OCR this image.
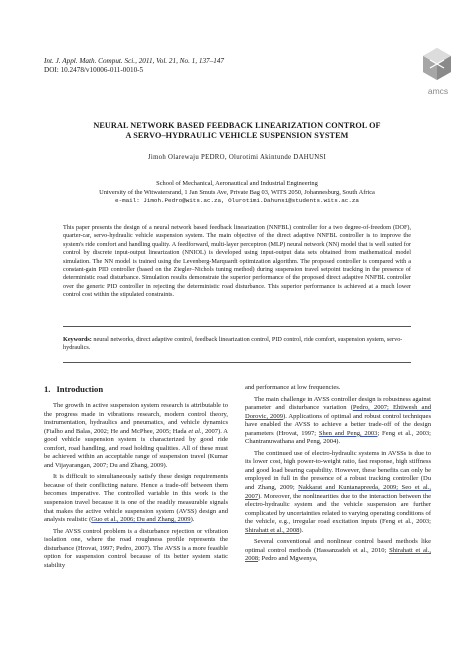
Int. J. Appl. Math. Comput. Sci., 2011, Vol. 21, No. 1, 137–147
DOI: 10.2478/v10006-011-0010-5
amcs
NEURAL NETWORK BASED FEEDBACK LINEARIZATION CONTROL OF
A SERVO–HYDRAULIC VEHICLE SUSPENSION SYSTEM
Jimoh Olarewaju PEDRO, Olurotimi Akintunde DAHUNSI
School of Mechanical, Aeronautical and Industrial Engineering
University of the Witwatersrand, 1 Jan Smuts Ave, Private Bag 03, WITS 2050, Johannesburg, South Africa
e-mail: Jimoh.Pedro@wits.ac.za, Olurotimi.Dahunsi@students.wits.ac.za
This paper presents the design of a neural network based feedback linearization (NNFBL) controller for a two degree-of-freedom (DOF), quarter-car, servo-hydraulic vehicle suspension system. The main objective of the direct adaptive NNFBL controller is to improve the system's ride comfort and handling quality. A feedforward, multi-layer perceptron (MLP) neural network (NN) model that is well suited for control by discrete input-output linearization (NNIOL) is developed using input-output data sets obtained from mathematical model simulation. The NN model is trained using the Levenberg-Marquardt optimization algorithm. The proposed controller is compared with a constant-gain PID controller (based on the Ziegler–Nichols tuning method) during suspension travel setpoint tracking in the presence of deterministic road disturbance. Simulation results demonstrate the superior performance of the proposed direct adaptive NNFBL controller over the generic PID controller in rejecting the deterministic road disturbance. This superior performance is achieved at a much lower control cost within the stipulated constraints.
Keywords: neural networks, direct adaptive control, feedback linearization control, PID control, ride comfort, suspension system, servo-hydraulics.
1. Introduction

The growth in active suspension system research is attributable to the progress made in vibrations research, modern control theory, instrumentation, hydraulics and pneumatics, and vehicle dynamics (Fialho and Balas, 2002; He and McPhee, 2005; Hada et al., 2007). A good vehicle suspension system is characterized by good ride comfort, road handling, and road holding qualities. All of these must be achieved within an acceptable range of suspension travel (Kumar and Vijayarangan, 2007; Du and Zhang, 2009).

It is difficult to simultaneously satisfy these design requirements because of their conflicting nature. Hence a trade-off between them becomes imperative. The controlled variable in this work is the suspension travel because it is one of the readily measurable signals that makes the active vehicle suspension system (AVSS) design and analysis realistic (Guo et al., 2006; Du and Zhang, 2009).

The AVSS control problem is a disturbance rejection or vibration isolation one, where the road roughness profile represents the disturbance (Hrovat, 1997; Pedro, 2007). The AVSS is a more feasible option for suspension control because of its better system static stability

and performance at low frequencies.

The main challenge in AVSS controller design is robustness against parameter and disturbance variation (Pedro, 2007; Ehtiwesh and Dorovic, 2009). Applications of optimal and robust control techniques have enabled the AVSS to achieve a better trade-off of the design parameters (Hrovat, 1997; Shen and Peng, 2003; Feng et al., 2003; Chantranuwathana and Peng, 2004).

The continued use of electro-hydraulic systems in AVSSs is due to its lower cost, high power-to-weight ratio, fast response, high stiffness and good load bearing capability. However, these benefits can only be employed in full in the presence of a robust tracking controller (Du and Zhang, 2009; Nakkarat and Kuntanapreeda, 2009; Seo et al., 2007). Moreover, the nonlinearities due to the interaction between the electro-hydraulic system and the vehicle suspension are further complicated by uncertainties related to varying operating conditions of the vehicle, e.g., irregular road excitation inputs (Feng et al., 2003; Shirahatt et al., 2008).

Several conventional and nonlinear control based methods like optimal control methods (Hassanzadeh et al., 2010; Shirahatt et al., 2008; Pedro and Mgwenya,
